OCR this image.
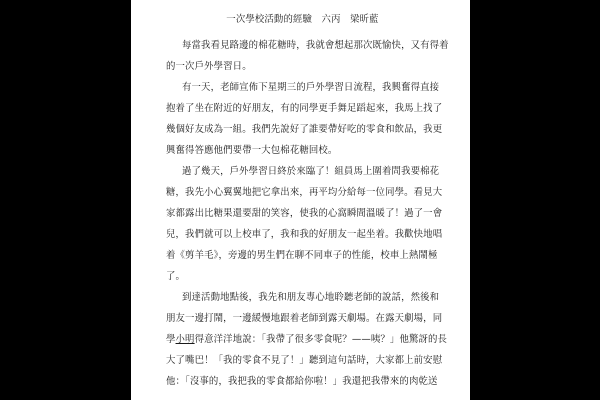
一次學校活動的經驗　六丙　梁昕藍
每當我看見路邊的棉花糖時，我就會想起那次既愉快，又有得着
的一次戶外學習日。
有一天，老師宣佈下星期三的戶外學習日流程，我興奮得直接
抱着了坐在附近的好朋友，有的同學更手舞足蹈起來，我馬上找了
幾個好友成為一組。我們先說好了誰要帶好吃的零食和飲品，我更
興奮得答應他們要帶一大包棉花糖回校。
過了幾天，戶外學習日終於來臨了！組員馬上圍着問我要棉花
糖，我先小心翼翼地把它拿出來，再平均分給每一位同學。看見大
家都露出比糖果還要甜的笑容，使我的心窩瞬間溫暖了！過了一會
兒，我們就可以上校車了，我和我的好朋友一起坐着。我歡快地唱
着《剪羊毛》，旁邊的男生們在聊不同車子的性能，校車上熱鬧極
了。
到達活動地點後，我先和朋友專心地聆聽老師的說話，然後和
朋友一邊打鬧，一邊緩慢地跟着老師到露天劇場。在露天劇場，同
學小明得意洋洋地說：「我帶了很多零食呢？——咦？」他驚訝的長
大了嘴巴！「我的零食不見了！」聽到這句話時，大家都上前安慰
他：「沒事的，我把我的零食都給你啦！」我還把我帶來的肉乾送
